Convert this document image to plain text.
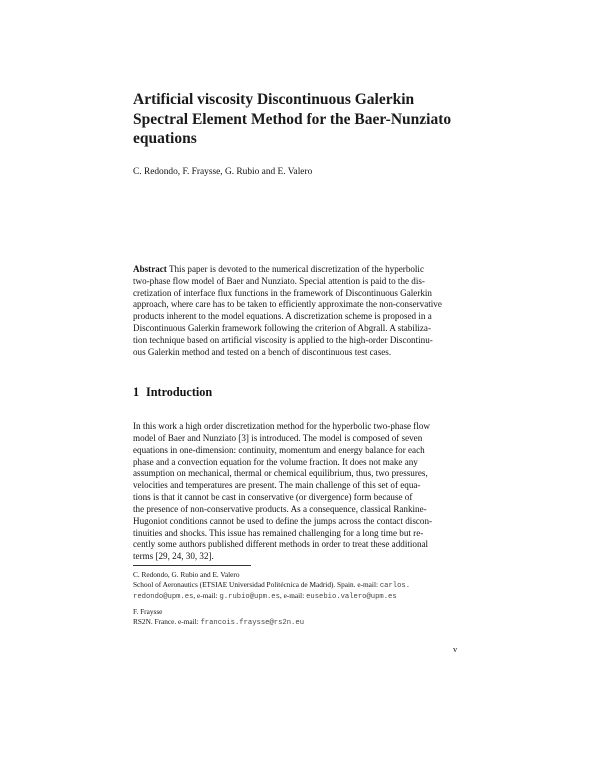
Artificial viscosity Discontinuous Galerkin
Spectral Element Method for the Baer-Nunziato
equations
C. Redondo, F. Fraysse, G. Rubio and E. Valero
Abstract This paper is devoted to the numerical discretization of the hyperbolic
two-phase flow model of Baer and Nunziato. Special attention is paid to the dis-
cretization of interface flux functions in the framework of Discontinuous Galerkin
approach, where care has to be taken to efficiently approximate the non-conservative
products inherent to the model equations. A discretization scheme is proposed in a
Discontinuous Galerkin framework following the criterion of Abgrall. A stabiliza-
tion technique based on artificial viscosity is applied to the high-order Discontinu-
ous Galerkin method and tested on a bench of discontinuous test cases.
1 Introduction
In this work a high order discretization method for the hyperbolic two-phase flow
model of Baer and Nunziato [3] is introduced. The model is composed of seven
equations in one-dimension: continuity, momentum and energy balance for each
phase and a convection equation for the volume fraction. It does not make any
assumption on mechanical, thermal or chemical equilibrium, thus, two pressures,
velocities and temperatures are present. The main challenge of this set of equa-
tions is that it cannot be cast in conservative (or divergence) form because of
the presence of non-conservative products. As a consequence, classical Rankine-
Hugoniot conditions cannot be used to define the jumps across the contact discon-
tinuities and shocks. This issue has remained challenging for a long time but re-
cently some authors published different methods in order to treat these additional
terms [29, 24, 30, 32].
C. Redondo, G. Rubio and E. Valero
School of Aeronautics (ETSIAE Universidad Politécnica de Madrid). Spain. e-mail: carlos.
redondo@upm.es, e-mail: g.rubio@upm.es, e-mail: eusebio.valero@upm.es
F. Fraysse
RS2N. France. e-mail: francois.fraysse@rs2n.eu
v
